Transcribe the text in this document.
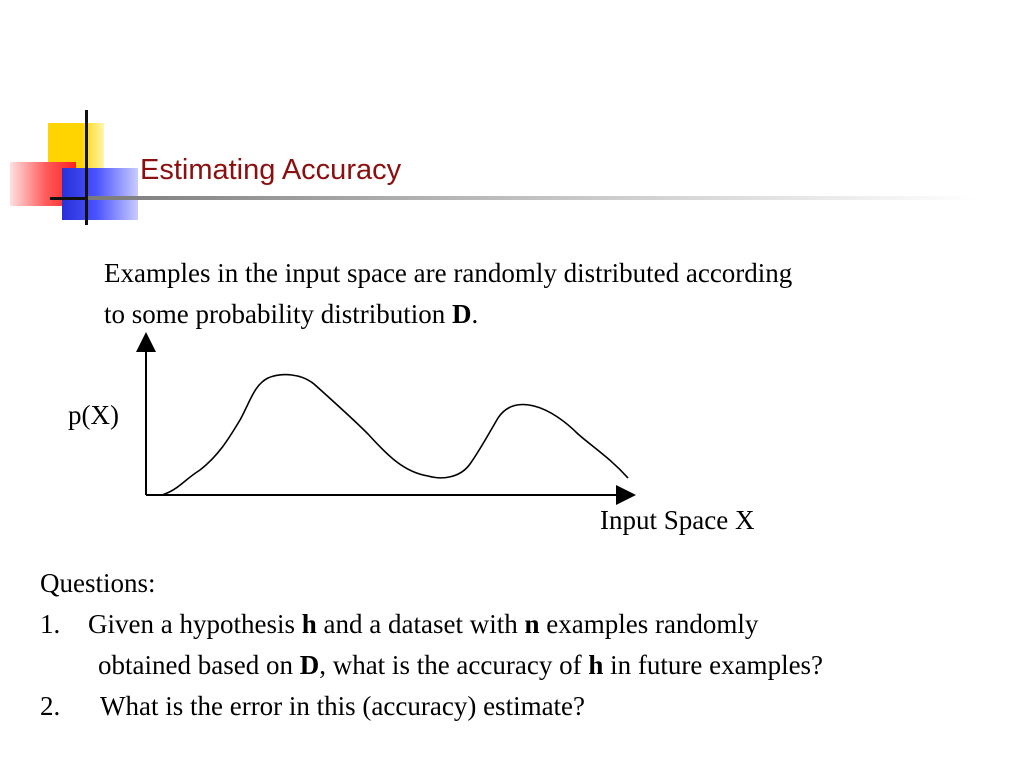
Estimating Accuracy
Examples in the input space are randomly distributed according
to some probability distribution D.
p(X)
Input Space X
Questions:
1. Given a hypothesis h and a dataset with n examples randomly
obtained based on D, what is the accuracy of h in future examples?
2. What is the error in this (accuracy) estimate?
